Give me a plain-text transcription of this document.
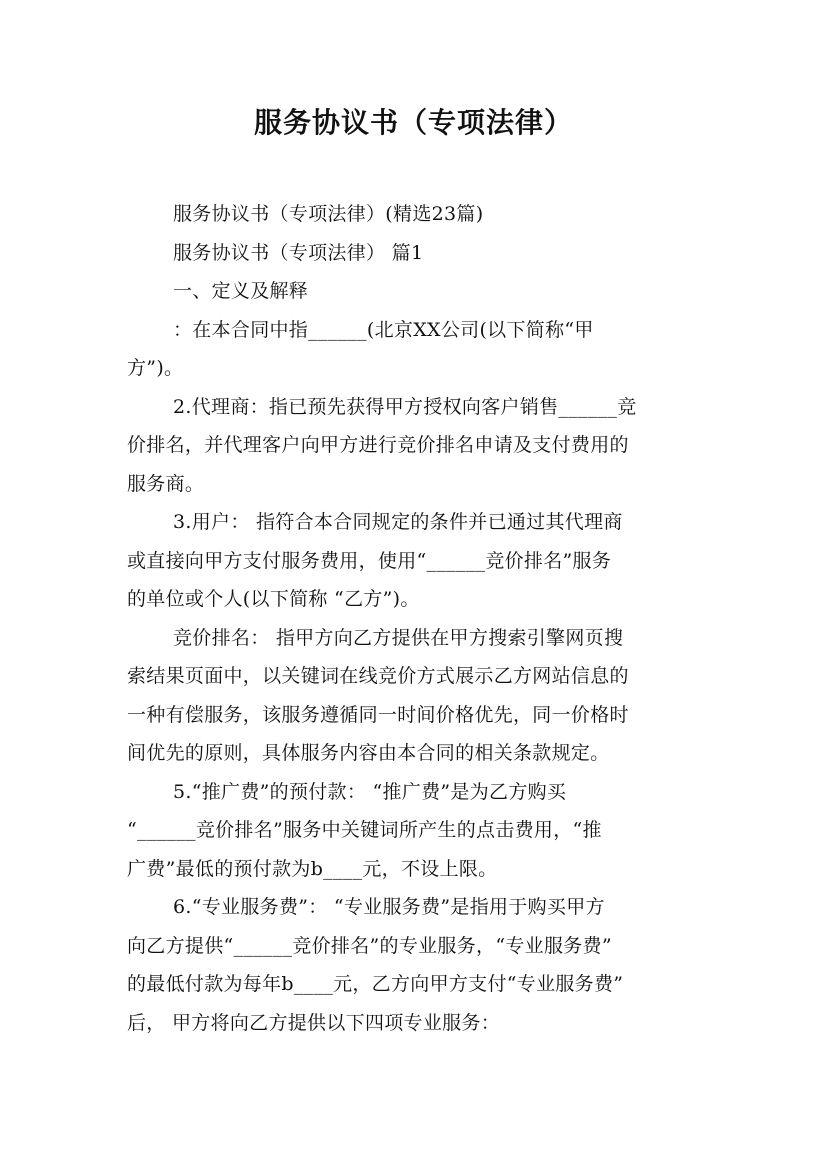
服务协议书（专项法律）
服务协议书（专项法律）(精选23篇)
服务协议书（专项法律） 篇1
一、定义及解释
：在本合同中指______(北京XX公司(以下简称“甲
方”)。
2.代理商：指已预先获得甲方授权向客户销售______竞
价排名，并代理客户向甲方进行竞价排名申请及支付费用的
服务商。
3.用户： 指符合本合同规定的条件并已通过其代理商
或直接向甲方支付服务费用，使用“______竞价排名”服务
的单位或个人(以下简称 “乙方”)。
竞价排名： 指甲方向乙方提供在甲方搜索引擎网页搜
索结果页面中，以关键词在线竞价方式展示乙方网站信息的
一种有偿服务，该服务遵循同一时间价格优先，同一价格时
间优先的原则，具体服务内容由本合同的相关条款规定。
5.“推广费”的预付款： “推广费”是为乙方购买
“______竞价排名”服务中关键词所产生的点击费用，“推
广费”最低的预付款为b____元，不设上限。
6.“专业服务费”： “专业服务费”是指用于购买甲方
向乙方提供“______竞价排名”的专业服务，“专业服务费”
的最低付款为每年b____元，乙方向甲方支付“专业服务费”
后， 甲方将向乙方提供以下四项专业服务：
